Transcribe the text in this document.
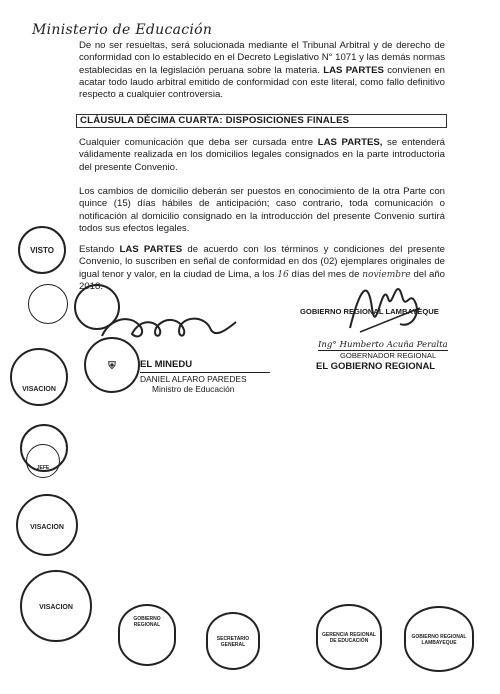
Ministerio de Educación
De no ser resueltas, será solucionada mediante el Tribunal Arbitral y de derecho de conformidad con lo establecido en el Decreto Legislativo N° 1071 y las demás normas establecidas en la legislación peruana sobre la materia. LAS PARTES convienen en acatar todo laudo arbitral emitido de conformidad con este literal, como fallo definitivo respecto a cualquier controversia.
CLÁUSULA DÉCIMA CUARTA: DISPOSICIONES FINALES
Cualquier comunicación que deba ser cursada entre LAS PARTES, se entenderá válidamente realizada en los domicilios legales consignados en la parte introductoria del presente Convenio.
Los cambios de domicilio deberán ser puestos en conocimiento de la otra Parte con quince (15) días hábiles de anticipación; caso contrario, toda comunicación o notificación al domicilio consignado en la introducción del presente Convenio surtirá todos sus efectos legales.
Estando LAS PARTES de acuerdo con los términos y condiciones del presente Convenio, lo suscriben en señal de conformidad en dos (02) ejemplares originales de igual tenor y valor, en la ciudad de Lima, a los 16 días del mes de noviembre del año 2018.
EL MINEDU
DANIEL ALFARO PAREDES
Ministro de Educación
GOBIERNO REGIONAL LAMBAYEQUE
Ing° Humberto Acuña Peralta
GOBERNADOR REGIONAL
EL GOBIERNO REGIONAL
VISTO
⛨
VISACION
JEFE
VISACION
VISACION
GOBIERNO REGIONAL
SECRETARIO GENERAL
GERENCIA REGIONAL DE EDUCACIÓN
GOBIERNO REGIONAL LAMBAYEQUE
